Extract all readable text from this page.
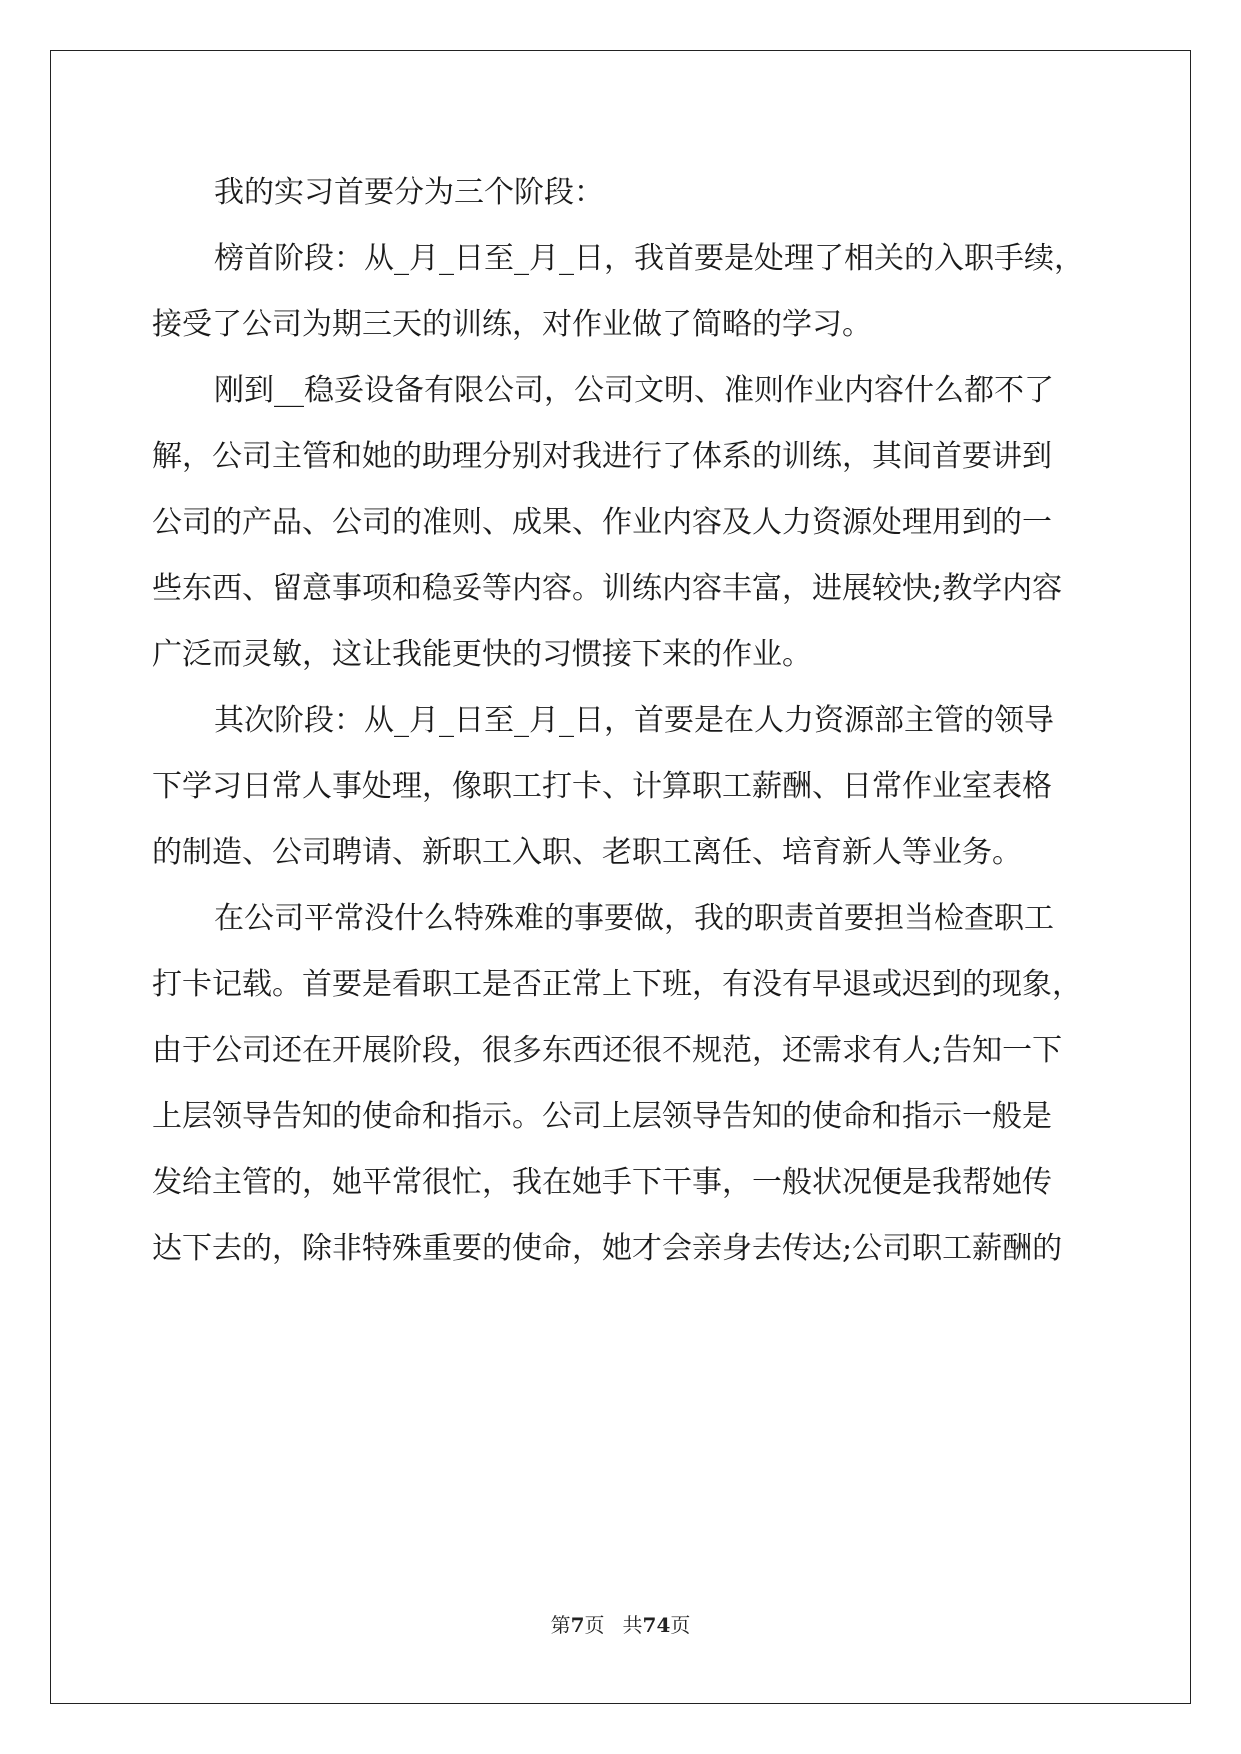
我的实习首要分为三个阶段：
榜首阶段：从_月_日至_月_日，我首要是处理了相关的入职手续，
接受了公司为期三天的训练，对作业做了简略的学习。
刚到__稳妥设备有限公司，公司文明、准则作业内容什么都不了
解，公司主管和她的助理分别对我进行了体系的训练，其间首要讲到
公司的产品、公司的准则、成果、作业内容及人力资源处理用到的一
些东西、留意事项和稳妥等内容。训练内容丰富，进展较快;教学内容
广泛而灵敏，这让我能更快的习惯接下来的作业。
其次阶段：从_月_日至_月_日，首要是在人力资源部主管的领导
下学习日常人事处理，像职工打卡、计算职工薪酬、日常作业室表格
的制造、公司聘请、新职工入职、老职工离任、培育新人等业务。
在公司平常没什么特殊难的事要做，我的职责首要担当检查职工
打卡记载。首要是看职工是否正常上下班，有没有早退或迟到的现象，
由于公司还在开展阶段，很多东西还很不规范，还需求有人;告知一下
上层领导告知的使命和指示。公司上层领导告知的使命和指示一般是
发给主管的，她平常很忙，我在她手下干事，一般状况便是我帮她传
达下去的，除非特殊重要的使命，她才会亲身去传达;公司职工薪酬的
第7页 共74页
